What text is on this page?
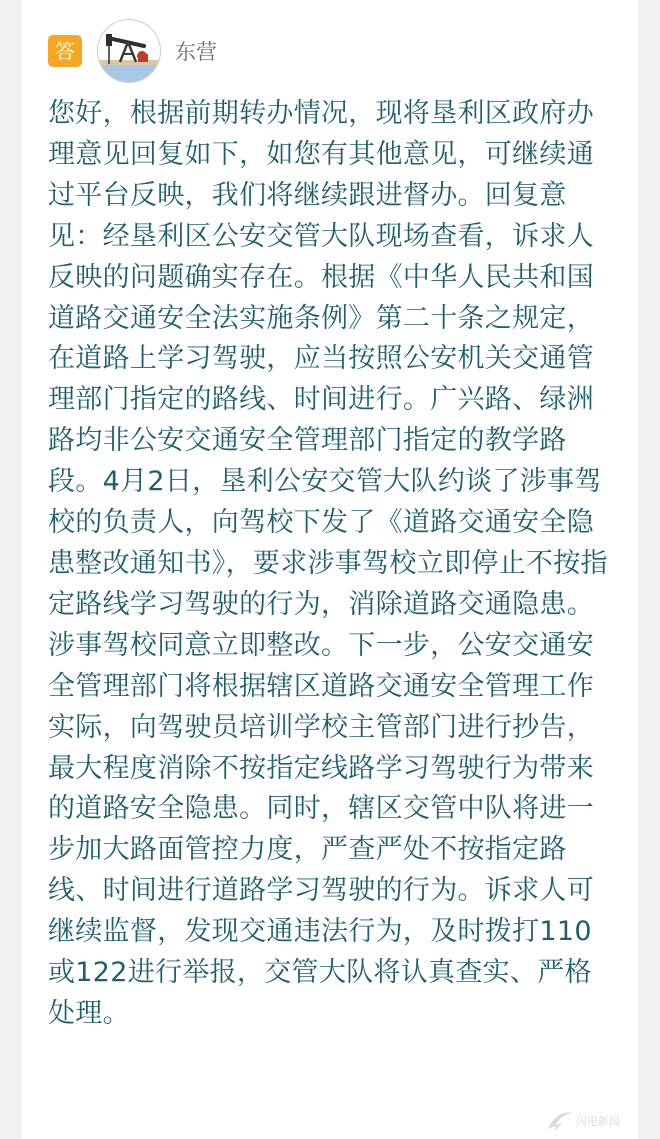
答	东营

您好，根据前期转办情况，现将垦利区政府办理意见回复如下，如您有其他意见，可继续通过平台反映，我们将继续跟进督办。回复意见：经垦利区公安交管大队现场查看，诉求人反映的问题确实存在。根据《中华人民共和国道路交通安全法实施条例》第二十条之规定，在道路上学习驾驶，应当按照公安机关交通管理部门指定的路线、时间进行。广兴路、绿洲路均非公安交通安全管理部门指定的教学路段。4月2日，垦利公安交管大队约谈了涉事驾校的负责人，向驾校下发了《道路交通安全隐患整改通知书》，要求涉事驾校立即停止不按指定路线学习驾驶的行为，消除道路交通隐患。涉事驾校同意立即整改。下一步，公安交通安全管理部门将根据辖区道路交通安全管理工作实际，向驾驶员培训学校主管部门进行抄告，最大程度消除不按指定线路学习驾驶行为带来的道路安全隐患。同时，辖区交管中队将进一步加大路面管控力度，严查严处不按指定路线、时间进行道路学习驾驶的行为。诉求人可继续监督，发现交通违法行为，及时拨打110或122进行举报，交管大队将认真查实、严格处理。

闪电新闻
